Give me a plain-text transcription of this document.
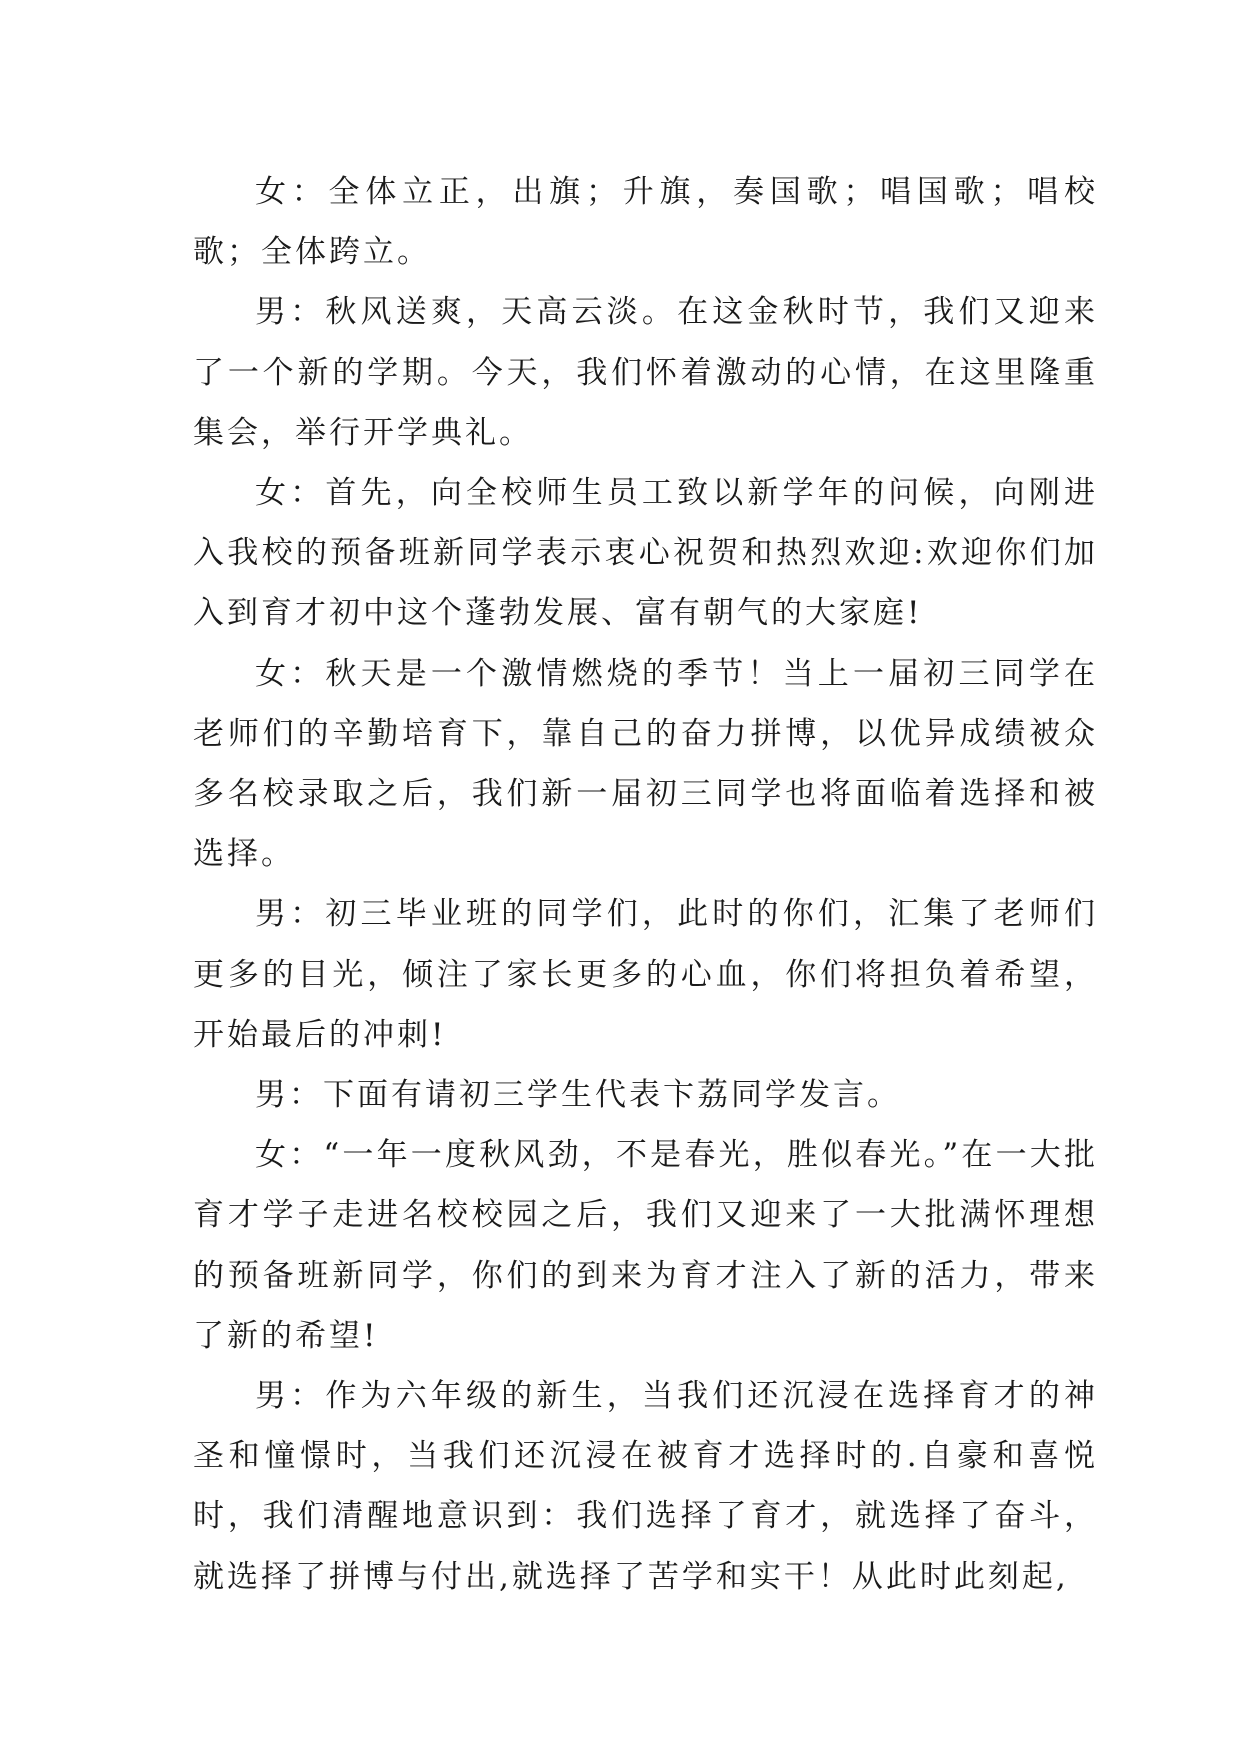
女：全体立正，出旗；升旗，奏国歌；唱国歌；唱校歌；全体跨立。

男：秋风送爽，天高云淡。在这金秋时节，我们又迎来了一个新的学期。今天，我们怀着激动的心情，在这里隆重集会，举行开学典礼。

女：首先，向全校师生员工致以新学年的问候，向刚进入我校的预备班新同学表示衷心祝贺和热烈欢迎:欢迎你们加入到育才初中这个蓬勃发展、富有朝气的大家庭!

女：秋天是一个激情燃烧的季节！当上一届初三同学在老师们的辛勤培育下，靠自己的奋力拼博，以优异成绩被众多名校录取之后，我们新一届初三同学也将面临着选择和被选择。

男：初三毕业班的同学们，此时的你们，汇集了老师们更多的目光，倾注了家长更多的心血，你们将担负着希望，开始最后的冲刺!

男：下面有请初三学生代表卞荔同学发言。

女：“一年一度秋风劲，不是春光，胜似春光。”在一大批育才学子走进名校校园之后，我们又迎来了一大批满怀理想的预备班新同学，你们的到来为育才注入了新的活力，带来了新的希望!

男：作为六年级的新生，当我们还沉浸在选择育才的神圣和憧憬时，当我们还沉浸在被育才选择时的.自豪和喜悦时，我们清醒地意识到：我们选择了育才，就选择了奋斗，就选择了拼博与付出,就选择了苦学和实干！从此时此刻起,
